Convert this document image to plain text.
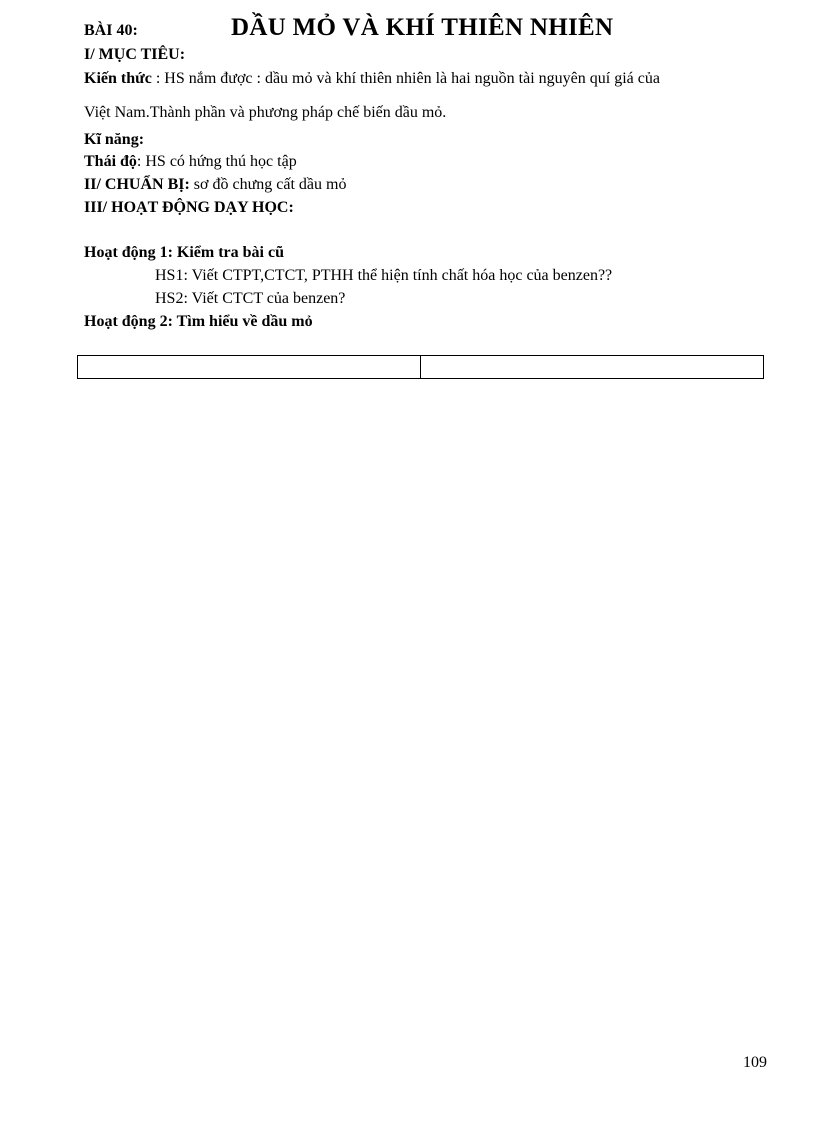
BÀI 40:	DẦU MỎ VÀ KHÍ THIÊN NHIÊN
I/ MỤC TIÊU:
Kiến thức : HS nắm được : dầu mỏ và khí thiên nhiên là hai nguồn tài nguyên quí giá của
Việt Nam.Thành phần và phương pháp chế biến dầu mỏ.
Kĩ năng:
Thái độ: HS có hứng thú học tập
II/ CHUẨN BỊ: sơ đồ chưng cất dầu mỏ
III/ HOẠT ĐỘNG DẠY HỌC:
Hoạt động 1: Kiểm tra bài cũ
HS1: Viết CTPT,CTCT, PTHH thể hiện tính chất hóa học của benzen??
HS2: Viết CTCT của benzen?
Hoạt động 2: Tìm hiểu về dầu mỏ

109
